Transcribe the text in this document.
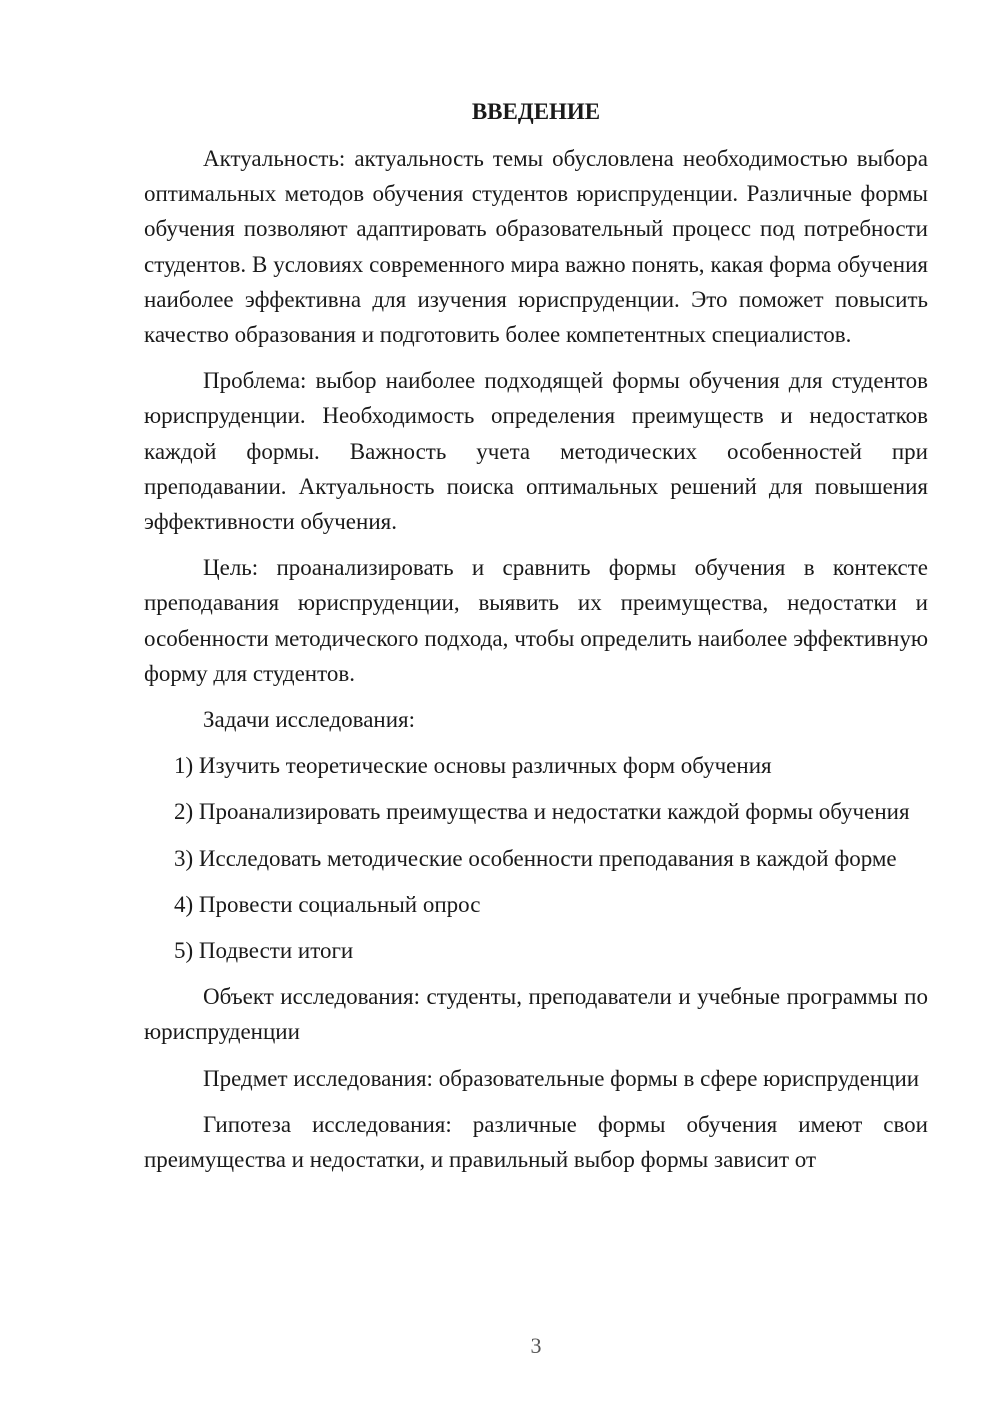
ВВЕДЕНИЕ

Актуальность: актуальность темы обусловлена необходимостью выбора оптимальных методов обучения студентов юриспруденции. Различные формы обучения позволяют адаптировать образовательный процесс под потребности студентов. В условиях современного мира важно понять, какая форма обучения наиболее эффективна для изучения юриспруденции. Это поможет повысить качество образования и подготовить более компетентных специалистов.

Проблема: выбор наиболее подходящей формы обучения для студентов юриспруденции. Необходимость определения преимуществ и недостатков каждой формы. Важность учета методических особенностей при преподавании. Актуальность поиска оптимальных решений для повышения эффективности обучения.

Цель: проанализировать и сравнить формы обучения в контексте преподавания юриспруденции, выявить их преимущества, недостатки и особенности методического подхода, чтобы определить наиболее эффективную форму для студентов.

Задачи исследования:

1) Изучить теоретические основы различных форм обучения

2) Проанализировать преимущества и недостатки каждой формы обучения

3) Исследовать методические особенности преподавания в каждой форме

4) Провести социальный опрос

5) Подвести итоги

Объект исследования: студенты, преподаватели и учебные программы по юриспруденции

Предмет исследования: образовательные формы в сфере юриспруденции

Гипотеза исследования: различные формы обучения имеют свои преимущества и недостатки, и правильный выбор формы зависит от

3
